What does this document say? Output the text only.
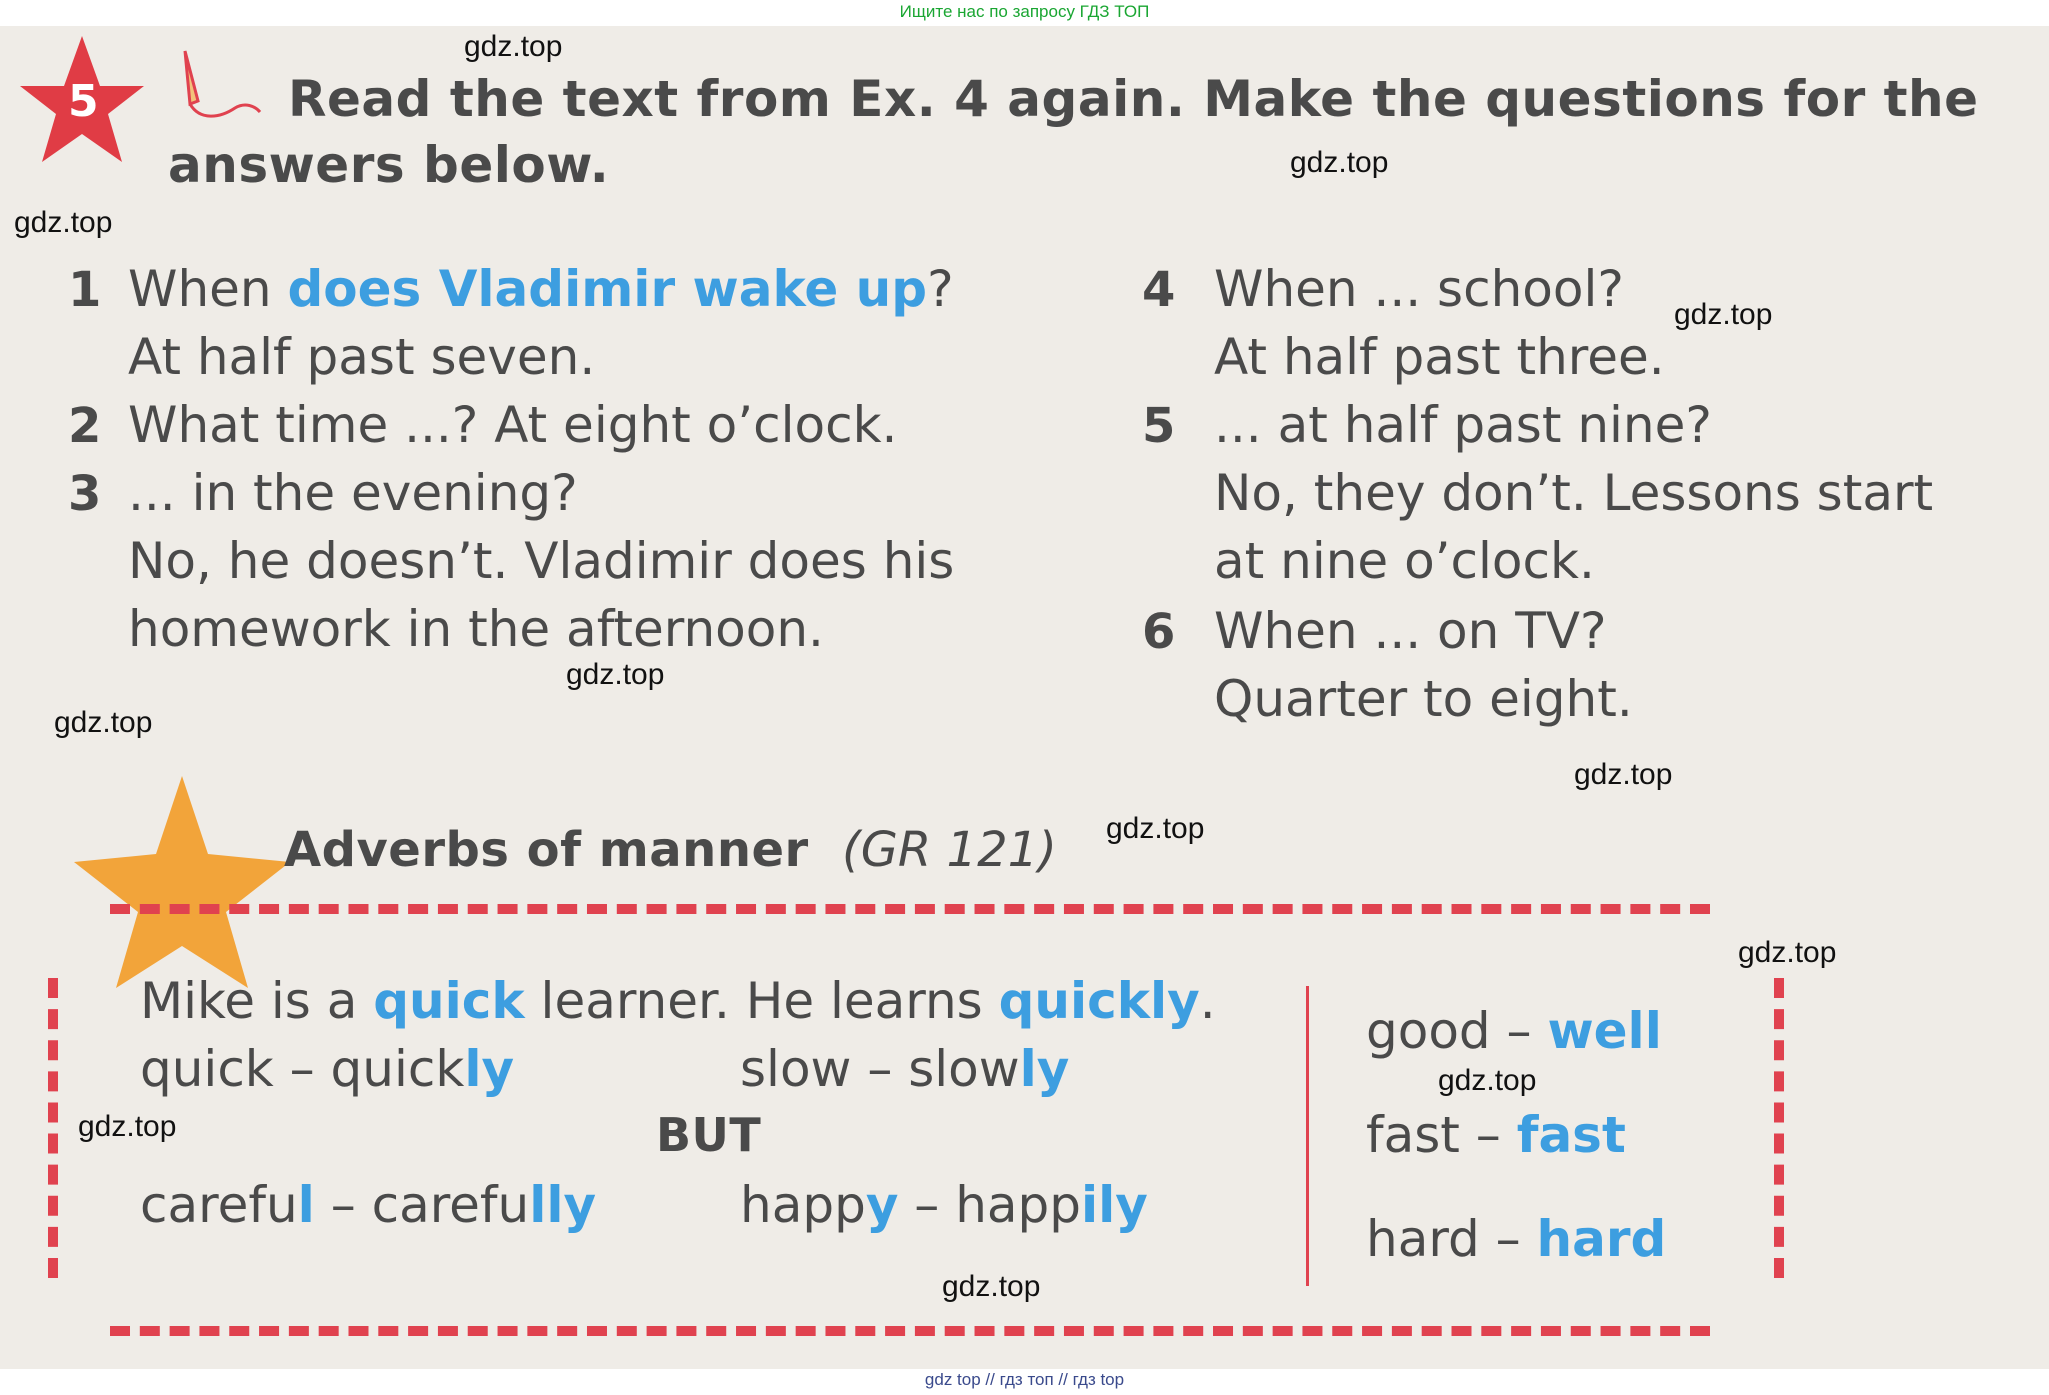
Ищите нас по запросу ГДЗ ТОП
5	Read the text from Ex. 4 again. Make the questions for the
answers below.
1 When does Vladimir wake up?
At half past seven.
2 What time ...? At eight o’clock.
3 ... in the evening?
No, he doesn’t. Vladimir does his
homework in the afternoon.
4 When ... school?
At half past three.
5 ... at half past nine?
No, they don’t. Lessons start
at nine o’clock.
6 When ... on TV?
Quarter to eight.
Adverbs of manner (GR 121)
Mike is a quick learner. He learns quickly.
quick – quickly	slow – slowly
BUT
careful – carefully	happy – happily
good – well
fast – fast
hard – hard
gdz.top
gdz.top
gdz.top
gdz.top
gdz.top
gdz.top
gdz.top
gdz.top
gdz.top
gdz.top
gdz.top
gdz.top
gdz top // гдз топ // гдз top
